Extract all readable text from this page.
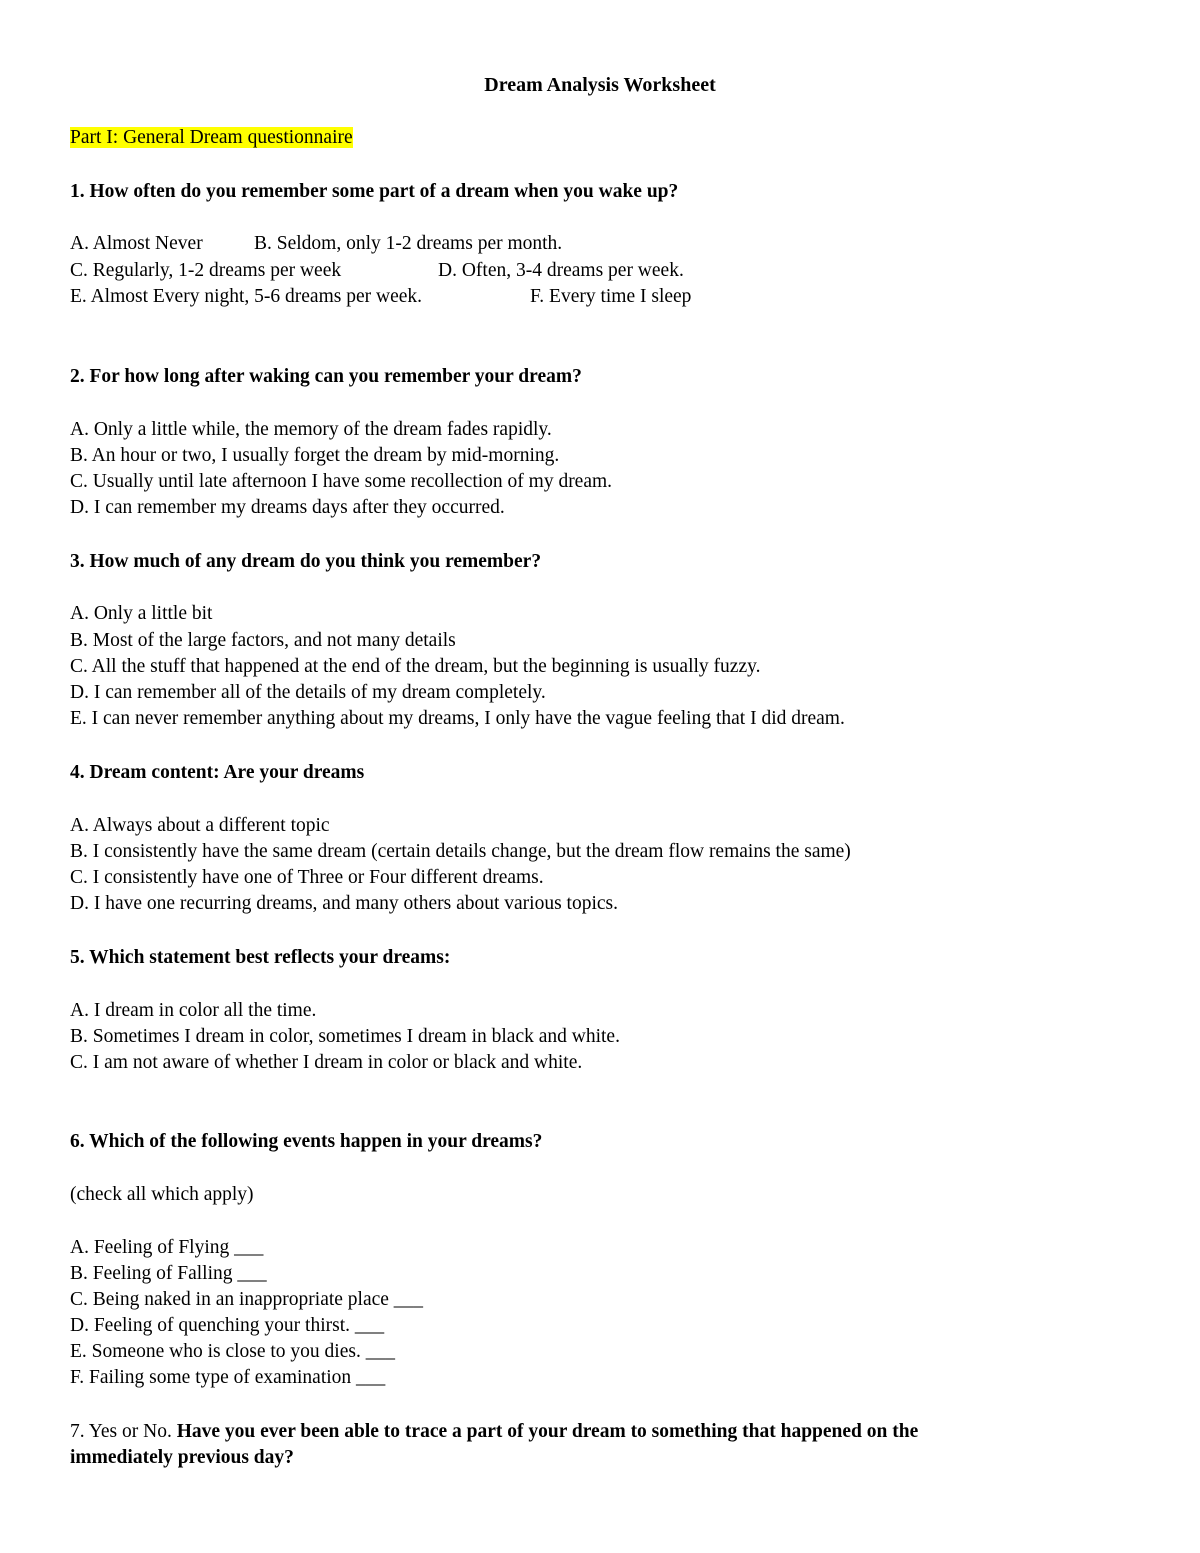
Dream Analysis Worksheet
Part I: General Dream questionnaire
1. How often do you remember some part of a dream when you wake up?
A. Almost Never	B. Seldom, only 1-2 dreams per month.
C. Regularly, 1-2 dreams per week	D. Often, 3-4 dreams per week.
E. Almost Every night, 5-6 dreams per week.	F. Every time I sleep
2. For how long after waking can you remember your dream?
A. Only a little while, the memory of the dream fades rapidly.
B. An hour or two, I usually forget the dream by mid-morning.
C. Usually until late afternoon I have some recollection of my dream.
D. I can remember my dreams days after they occurred.
3. How much of any dream do you think you remember?
A. Only a little bit
B. Most of the large factors, and not many details
C. All the stuff that happened at the end of the dream, but the beginning is usually fuzzy.
D. I can remember all of the details of my dream completely.
E. I can never remember anything about my dreams, I only have the vague feeling that I did dream.
4. Dream content: Are your dreams
A. Always about a different topic
B. I consistently have the same dream (certain details change, but the dream flow remains the same)
C. I consistently have one of Three or Four different dreams.
D. I have one recurring dreams, and many others about various topics.
5. Which statement best reflects your dreams:
A. I dream in color all the time.
B. Sometimes I dream in color, sometimes I dream in black and white.
C. I am not aware of whether I dream in color or black and white.
6. Which of the following events happen in your dreams?
(check all which apply)
A. Feeling of Flying ___
B. Feeling of Falling ___
C. Being naked in an inappropriate place ___
D. Feeling of quenching your thirst. ___
E. Someone who is close to you dies. ___
F. Failing some type of examination ___
7. Yes or No. Have you ever been able to trace a part of your dream to something that happened on the
immediately previous day?
